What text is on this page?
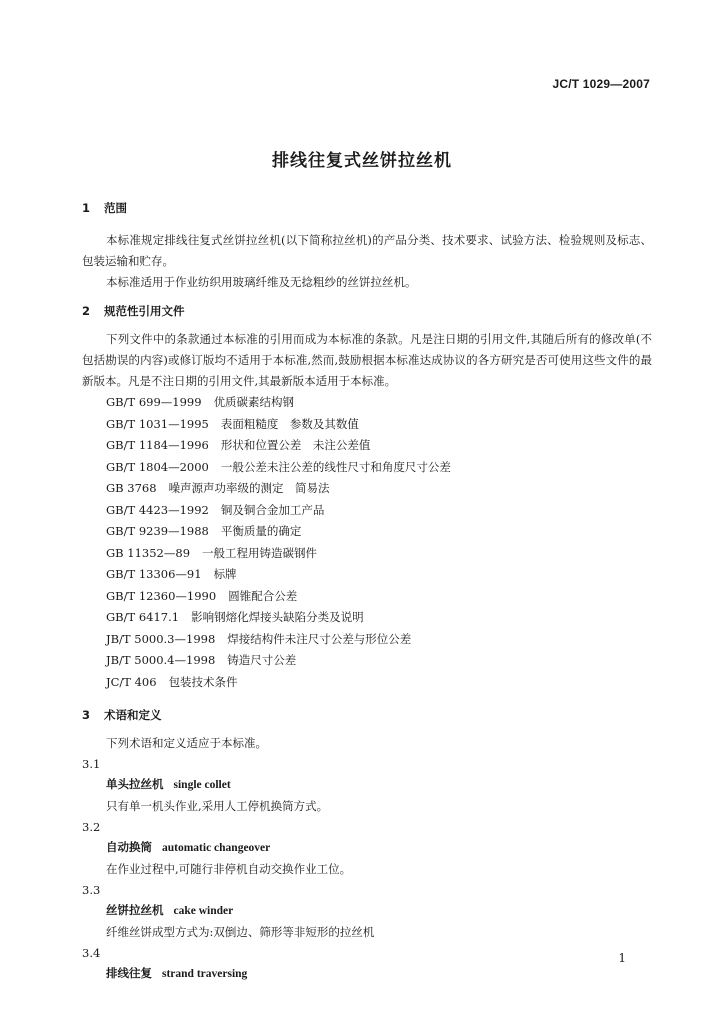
JC/T 1029—2007
排线往复式丝饼拉丝机

1 范围

本标准规定排线往复式丝饼拉丝机(以下简称拉丝机)的产品分类、技术要求、试验方法、检验规则及标志、包装运输和贮存。

本标准适用于作业纺织用玻璃纤维及无捻粗纱的丝饼拉丝机。

2 规范性引用文件

下列文件中的条款通过本标准的引用而成为本标准的条款。凡是注日期的引用文件,其随后所有的修改单(不包括勘误的内容)或修订版均不适用于本标准,然而,鼓励根据本标准达成协议的各方研究是否可使用这些文件的最新版本。凡是不注日期的引用文件,其最新版本适用于本标准。

GB/T 699—1999 优质碳素结构钢
GB/T 1031—1995 表面粗糙度　参数及其数值
GB/T 1184—1996 形状和位置公差　未注公差值
GB/T 1804—2000 一般公差未注公差的线性尺寸和角度尺寸公差
GB 3768 噪声源声功率级的测定　简易法
GB/T 4423—1992 铜及铜合金加工产品
GB/T 9239—1988 平衡质量的确定
GB 11352—89 一般工程用铸造碳钢件
GB/T 13306—91 标牌
GB/T 12360—1990 圆锥配合公差
GB/T 6417.1 影响钢熔化焊接头缺陷分类及说明
JB/T 5000.3—1998 焊接结构件未注尺寸公差与形位公差
JB/T 5000.4—1998 铸造尺寸公差
JC/T 406 包装技术条件

3 术语和定义

下列术语和定义适应于本标准。

3.1

单头拉丝机 single collet

只有单一机头作业,采用人工停机换筒方式。

3.2

自动换筒 automatic changeover

在作业过程中,可随行非停机自动交换作业工位。

3.3

丝饼拉丝机 cake winder

纤维丝饼成型方式为:双倒边、筛形等非短形的拉丝机

3.4

排线往复 strand traversing

1
